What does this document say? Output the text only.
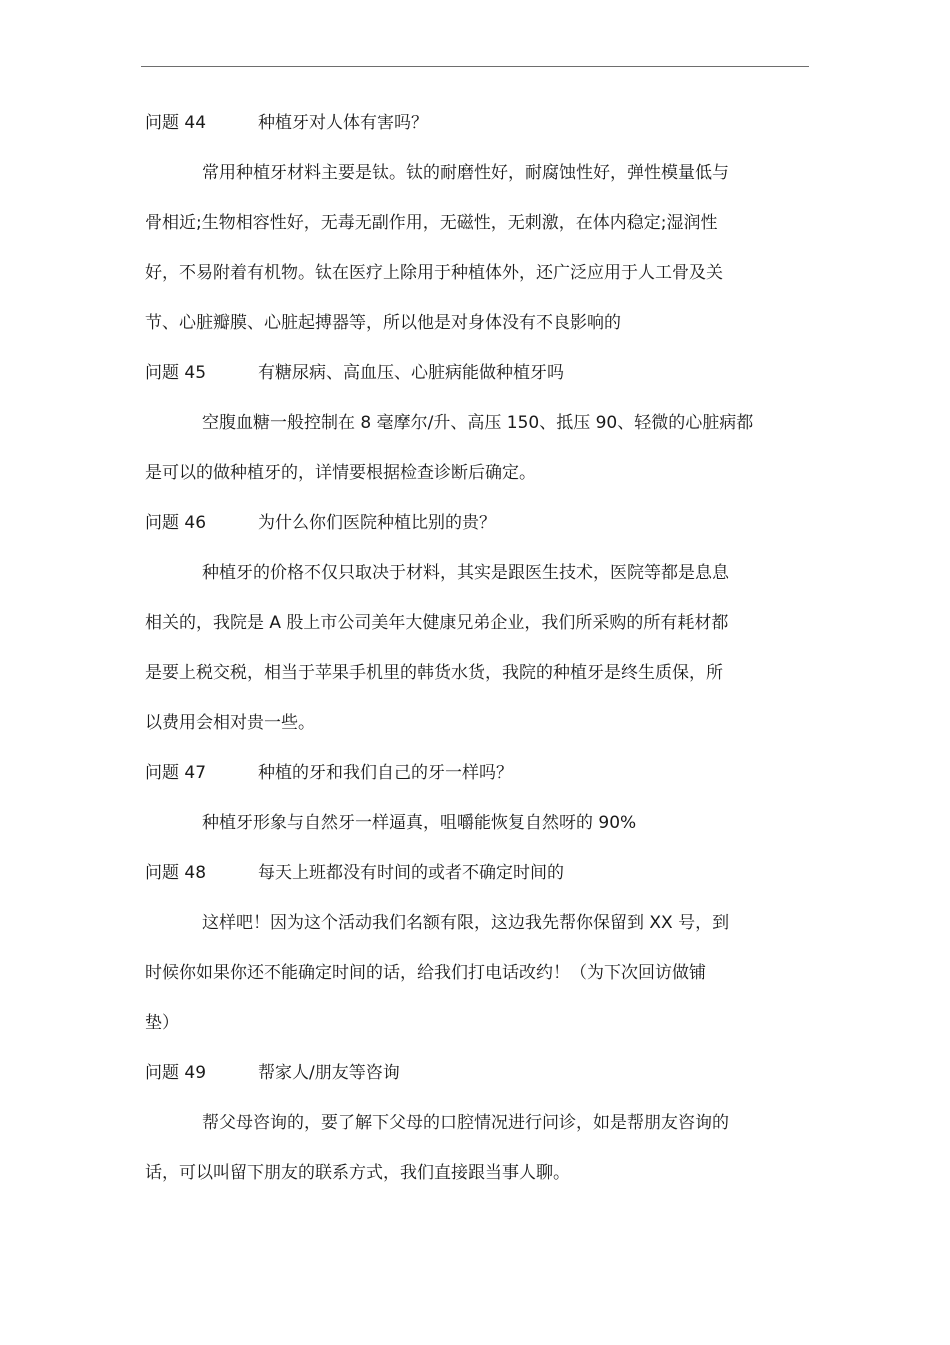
问题 44	种植牙对人体有害吗？
常用种植牙材料主要是钛。钛的耐磨性好，耐腐蚀性好，弹性模量低与
骨相近;生物相容性好，无毒无副作用，无磁性，无刺激，在体内稳定;湿润性
好，不易附着有机物。钛在医疗上除用于种植体外，还广泛应用于人工骨及关
节、心脏瓣膜、心脏起搏器等，所以他是对身体没有不良影响的
问题 45	有糖尿病、高血压、心脏病能做种植牙吗
空腹血糖一般控制在 8 毫摩尔/升、高压 150、抵压 90、轻微的心脏病都
是可以的做种植牙的，详情要根据检查诊断后确定。
问题 46	为什么你们医院种植比别的贵？
种植牙的价格不仅只取决于材料，其实是跟医生技术，医院等都是息息
相关的，我院是 A 股上市公司美年大健康兄弟企业，我们所采购的所有耗材都
是要上税交税，相当于苹果手机里的韩货水货，我院的种植牙是终生质保，所
以费用会相对贵一些。
问题 47	种植的牙和我们自己的牙一样吗？
种植牙形象与自然牙一样逼真，咀嚼能恢复自然呀的 90%
问题 48	每天上班都没有时间的或者不确定时间的
这样吧！因为这个活动我们名额有限，这边我先帮你保留到 XX 号，到
时候你如果你还不能确定时间的话，给我们打电话改约！（为下次回访做铺
垫）
问题 49	帮家人/朋友等咨询
帮父母咨询的，要了解下父母的口腔情况进行问诊，如是帮朋友咨询的
话，可以叫留下朋友的联系方式，我们直接跟当事人聊。
